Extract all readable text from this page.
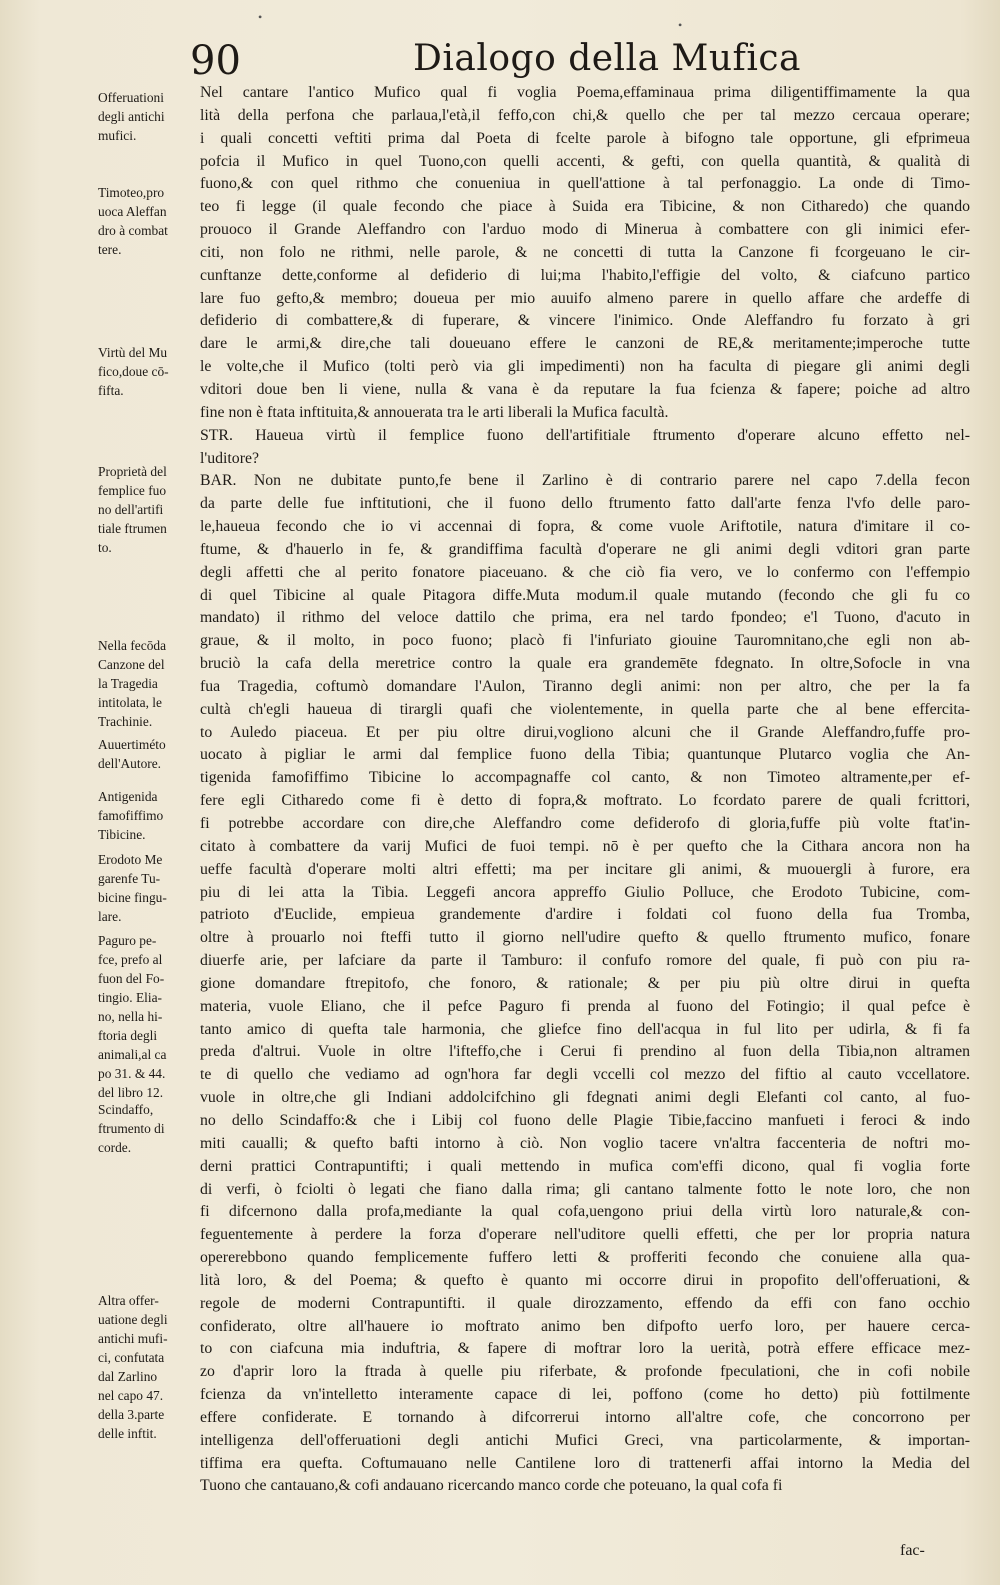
•
•
90	Dialogo della Mufica
Offeruationi
degli antichi
mufici.
Timoteo,pro
uoca Aleffan
dro à combat
tere.
Virtù del Mu
fico,doue cō-
fifta.
Proprietà del
femplice fuo
no dell'artifi
tiale ftrumen
to.
Nella fecōda
Canzone del
la Tragedia
intitolata, le
Trachinie.
Auuertiméto
dell'Autore.
Antigenida
famofiffimo
Tibicine.
Erodoto Me
garenfe Tu-
bicine fingu-
lare.
Paguro pe-
fce, prefo al
fuon del Fo-
tingio. Elia-
no, nella hi-
ftoria degli
animali,al ca
po 31. & 44.
del libro 12.
Scindaffo,
ftrumento di
corde.
Altra offer-
uatione degli
antichi mufi-
ci, confutata
dal Zarlino
nel capo 47.
della 3.parte
delle inftit.
Nel cantare l'antico Mufico qual fi voglia Poema,effaminaua prima diligentiffimamente la qua
lità della perfona che parlaua,l'età,il feffo,con chi,& quello che per tal mezzo cercaua operare;
i quali concetti veftiti prima dal Poeta di fcelte parole à bifogno tale opportune, gli efprimeua
pofcia il Mufico in quel Tuono,con quelli accenti, & gefti, con quella quantità, & qualità di
fuono,& con quel rithmo che conueniua in quell'attione à tal perfonaggio. La onde di Timo-
teo fi legge (il quale fecondo che piace à Suida era Tibicine, & non Citharedo) che quando
prouoco il Grande Aleffandro con l'arduo modo di Minerua à combattere con gli inimici efer-
citi, non folo ne rithmi, nelle parole, & ne concetti di tutta la Canzone fi fcorgeuano le cir-
cunftanze dette,conforme al defiderio di lui;ma l'habito,l'effigie del volto, & ciafcuno partico
lare fuo gefto,& membro; doueua per mio auuifo almeno parere in quello affare che ardeffe di
defiderio di combattere,& di fuperare, & vincere l'inimico. Onde Aleffandro fu forzato à gri
dare le armi,& dire,che tali doueuano effere le canzoni de RE,& meritamente;imperoche tutte
le volte,che il Mufico (tolti però via gli impedimenti) non ha faculta di piegare gli animi degli
vditori doue ben li viene, nulla & vana è da reputare la fua fcienza & fapere; poiche ad altro
fine non è ftata inftituita,& annouerata tra le arti liberali la Mufica facultà.
STR. Haueua virtù il femplice fuono dell'artifitiale ftrumento d'operare alcuno effetto nel-
l'uditore?
BAR. Non ne dubitate punto,fe bene il Zarlino è di contrario parere nel capo 7.della fecon
da parte delle fue inftitutioni, che il fuono dello ftrumento fatto dall'arte fenza l'vfo delle paro-
le,haueua fecondo che io vi accennai di fopra, & come vuole Ariftotile, natura d'imitare il co-
ftume, & d'hauerlo in fe, & grandiffima facultà d'operare ne gli animi degli vditori gran parte
degli affetti che al perito fonatore piaceuano. & che ciò fia vero, ve lo confermo con l'effempio
di quel Tibicine al quale Pitagora diffe.Muta modum.il quale mutando (fecondo che gli fu co
mandato) il rithmo del veloce dattilo che prima, era nel tardo fpondeo; e'l Tuono, d'acuto in
graue, & il molto, in poco fuono; placò fi l'infuriato giouine Tauromnitano,che egli non ab-
bruciò la cafa della meretrice contro la quale era grandemēte fdegnato. In oltre,Sofocle in vna
fua Tragedia, coftumò domandare l'Aulon, Tiranno degli animi: non per altro, che per la fa
cultà ch'egli haueua di tirargli quafi che violentemente, in quella parte che al bene effercita-
to Auledo piaceua. Et per piu oltre dirui,vogliono alcuni che il Grande Aleffandro,fuffe pro-
uocato à pigliar le armi dal femplice fuono della Tibia; quantunque Plutarco voglia che An-
tigenida famofiffimo Tibicine lo accompagnaffe col canto, & non Timoteo altramente,per ef-
fere egli Citharedo come fi è detto di fopra,& moftrato. Lo fcordato parere de quali fcrittori,
fi potrebbe accordare con dire,che Aleffandro come defiderofo di gloria,fuffe più volte ftat'in-
citato à combattere da varij Mufici de fuoi tempi. nō è per quefto che la Cithara ancora non ha
ueffe facultà d'operare molti altri effetti; ma per incitare gli animi, & muouergli à furore, era
piu di lei atta la Tibia. Leggefi ancora appreffo Giulio Polluce, che Erodoto Tubicine, com-
patrioto d'Euclide, empieua grandemente d'ardire i foldati col fuono della fua Tromba,
oltre à prouarlo noi fteffi tutto il giorno nell'udire quefto & quello ftrumento mufico, fonare
diuerfe arie, per lafciare da parte il Tamburo: il confufo romore del quale, fi può con piu ra-
gione domandare ftrepitofo, che fonoro, & rationale; & per piu più oltre dirui in quefta
materia, vuole Eliano, che il pefce Paguro fi prenda al fuono del Fotingio; il qual pefce è
tanto amico di quefta tale harmonia, che gliefce fino dell'acqua in ful lito per udirla, & fi fa
preda d'altrui. Vuole in oltre l'ifteffo,che i Cerui fi prendino al fuon della Tibia,non altramen
te di quello che vediamo ad ogn'hora far degli vccelli col mezzo del fiftio al cauto vccellatore.
vuole in oltre,che gli Indiani addolcifchino gli fdegnati animi degli Elefanti col canto, al fuo-
no dello Scindaffo:& che i Libij col fuono delle Plagie Tibie,faccino manfueti i feroci & indo
miti caualli; & quefto bafti intorno à ciò. Non voglio tacere vn'altra faccenteria de noftri mo-
derni prattici Contrapuntifti; i quali mettendo in mufica com'effi dicono, qual fi voglia forte
di verfi, ò fciolti ò legati che fiano dalla rima; gli cantano talmente fotto le note loro, che non
fi difcernono dalla profa,mediante la qual cofa,uengono priui della virtù loro naturale,& con-
feguentemente à perdere la forza d'operare nell'uditore quelli effetti, che per lor propria natura
opererebbono quando femplicemente fuffero letti & profferiti fecondo che conuiene alla qua-
lità loro, & del Poema; & quefto è quanto mi occorre dirui in propofito dell'offeruationi, &
regole de moderni Contrapuntifti. il quale dirozzamento, effendo da effi con fano occhio
confiderato, oltre all'hauere io moftrato animo ben difpofto uerfo loro, per hauere cerca-
to con ciafcuna mia induftria, & fapere di moftrar loro la uerità, potrà effere efficace mez-
zo d'aprir loro la ftrada à quelle piu riferbate, & profonde fpeculationi, che in cofi nobile
fcienza da vn'intelletto interamente capace di lei, poffono (come ho detto) più fottilmente
effere confiderate. E tornando à difcorrerui intorno all'altre cofe, che concorrono per
intelligenza dell'offeruationi degli antichi Mufici Greci, vna particolarmente, & importan-
tiffima era quefta. Coftumauano nelle Cantilene loro di trattenerfi affai intorno la Media del
Tuono che cantauano,& cofi andauano ricercando manco corde che poteuano, la qual cofa fi
fac-
